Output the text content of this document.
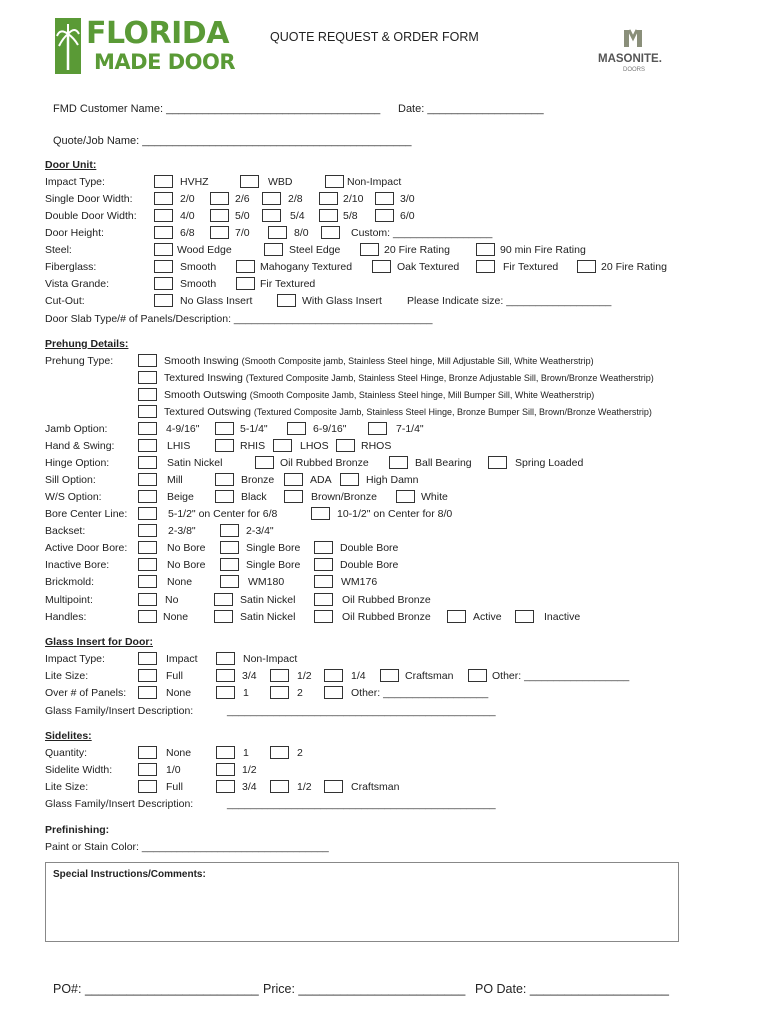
FLORIDA
MADE DOOR
QUOTE REQUEST & ORDER FORM
MASONITE.
DOORS
FMD Customer Name: ___________________________________ Date: ___________________
Quote/Job Name: ____________________________________________
Door Unit:
Impact Type:	HVHZ	WBD	Non-Impact
Single Door Width:	2/0	2/6	2/8	2/10	3/0
Double Door Width:	4/0	5/0	5/4	5/8	6/0
Door Height:	6/8	7/0	8/0	Custom: _________________
Steel:	Wood Edge	Steel Edge	20 Fire Rating	90 min Fire Rating
Fiberglass:	Smooth	Mahogany Textured	Oak Textured	Fir Textured	20 Fire Rating
Vista Grande:	Smooth	Fir Textured
Cut-Out:	No Glass Insert	With Glass Insert Please Indicate size: __________________
Door Slab Type/# of Panels/Description: __________________________________
Prehung Details:
Prehung Type:	Smooth Inswing (Smooth Composite jamb, Stainless Steel hinge, Mill Adjustable Sill, White Weatherstrip)
Textured Inswing (Textured Composite Jamb, Stainless Steel Hinge, Bronze Adjustable Sill, Brown/Bronze Weatherstrip)
Smooth Outswing (Smooth Composite Jamb, Stainless Steel hinge, Mill Bumper Sill, White Weatherstrip)
Textured Outswing (Textured Composite Jamb, Stainless Steel Hinge, Bronze Bumper Sill, Brown/Bronze Weatherstrip)
Jamb Option:	4-9/16"	5-1/4"	6-9/16"	7-1/4"
Hand & Swing:	LHIS	RHIS	LHOS	RHOS
Hinge Option:	Satin Nickel	Oil Rubbed Bronze	Ball Bearing	Spring Loaded
Sill Option:	Mill	Bronze	ADA	High Damn
W/S Option:	Beige	Black	Brown/Bronze	White
Bore Center Line:	5-1/2" on Center for 6/8	10-1/2" on Center for 8/0
Backset:	2-3/8"	2-3/4"
Active Door Bore:	No Bore	Single Bore	Double Bore
Inactive Bore:	No Bore	Single Bore	Double Bore
Brickmold:	None	WM180	WM176
Multipoint:	No	Satin Nickel	Oil Rubbed Bronze
Handles:	None	Satin Nickel	Oil Rubbed Bronze	Active	Inactive
Glass Insert for Door:
Impact Type:	Impact	Non-Impact
Lite Size:	Full	3/4	1/2	1/4	Craftsman	Other: __________________
Over # of Panels:	None	1	2	Other: __________________
Glass Family/Insert Description:	______________________________________________
Sidelites:
Quantity:	None	1	2
Sidelite Width:	1/0	1/2
Lite Size:	Full	3/4	1/2	Craftsman
Glass Family/Insert Description:	______________________________________________
Prefinishing:
Paint or Stain Color: ________________________________
Special Instructions/Comments:
PO#: _________________________ Price: ________________________ PO Date: ____________________
